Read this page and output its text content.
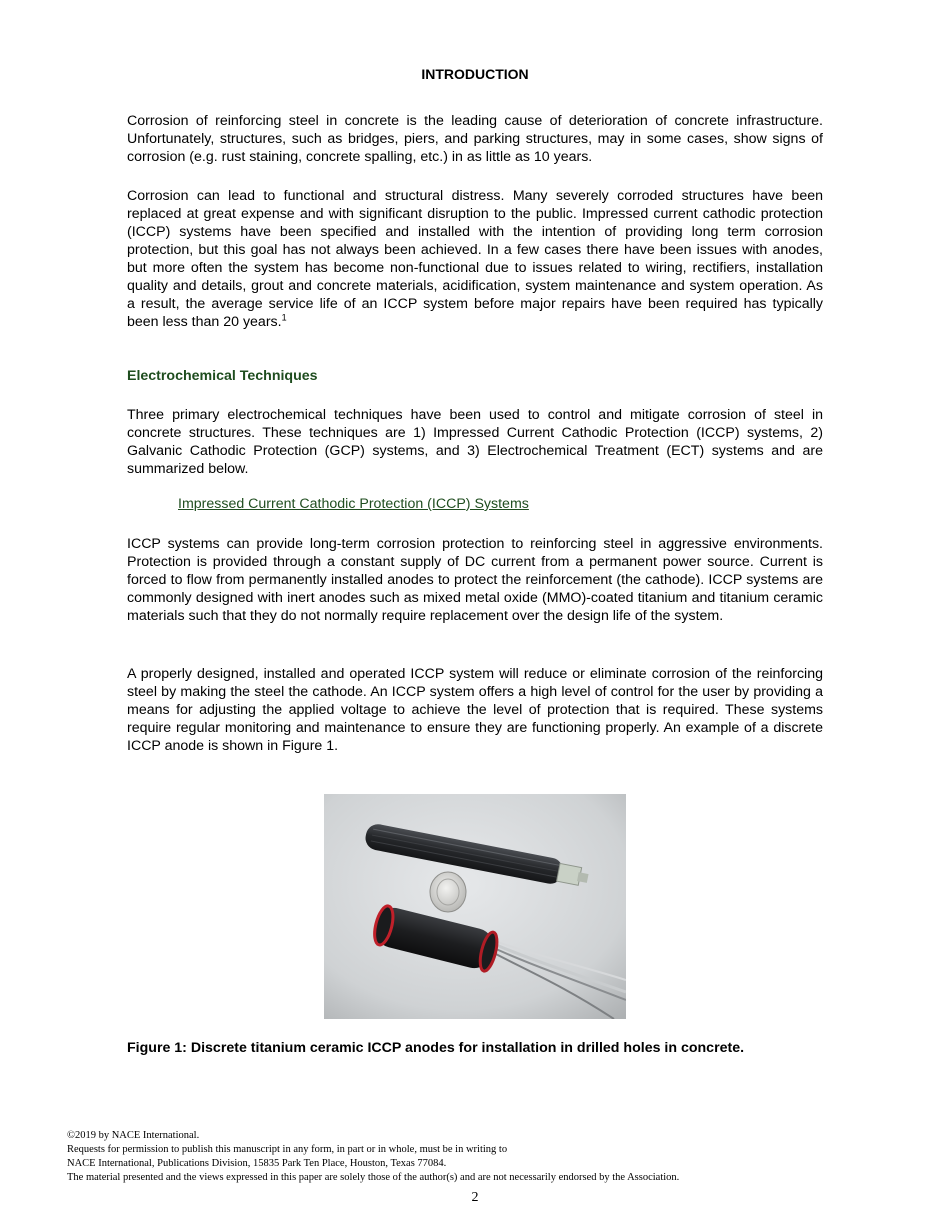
INTRODUCTION

Corrosion of reinforcing steel in concrete is the leading cause of deterioration of concrete infrastructure. Unfortunately, structures, such as bridges, piers, and parking structures, may in some cases, show signs of corrosion (e.g. rust staining, concrete spalling, etc.) in as little as 10 years.

Corrosion can lead to functional and structural distress. Many severely corroded structures have been replaced at great expense and with significant disruption to the public. Impressed current cathodic protection (ICCP) systems have been specified and installed with the intention of providing long term corrosion protection, but this goal has not always been achieved. In a few cases there have been issues with anodes, but more often the system has become non-functional due to issues related to wiring, rectifiers, installation quality and details, grout and concrete materials, acidification, system maintenance and system operation. As a result, the average service life of an ICCP system before major repairs have been required has typically been less than 20 years.$^1$

Electrochemical Techniques

Three primary electrochemical techniques have been used to control and mitigate corrosion of steel in concrete structures. These techniques are 1) Impressed Current Cathodic Protection (ICCP) systems, 2) Galvanic Cathodic Protection (GCP) systems, and 3) Electrochemical Treatment (ECT) systems and are summarized below.

Impressed Current Cathodic Protection (ICCP) Systems

ICCP systems can provide long-term corrosion protection to reinforcing steel in aggressive environments. Protection is provided through a constant supply of DC current from a permanent power source. Current is forced to flow from permanently installed anodes to protect the reinforcement (the cathode). ICCP systems are commonly designed with inert anodes such as mixed metal oxide (MMO)-coated titanium and titanium ceramic materials such that they do not normally require replacement over the design life of the system.

A properly designed, installed and operated ICCP system will reduce or eliminate corrosion of the reinforcing steel by making the steel the cathode. An ICCP system offers a high level of control for the user by providing a means for adjusting the applied voltage to achieve the level of protection that is required. These systems require regular monitoring and maintenance to ensure they are functioning properly. An example of a discrete ICCP anode is shown in Figure 1.

Figure 1: Discrete titanium ceramic ICCP anodes for installation in drilled holes in concrete.
©2019 by NACE International.
Requests for permission to publish this manuscript in any form, in part or in whole, must be in writing to
NACE International, Publications Division, 15835 Park Ten Place, Houston, Texas 77084.
The material presented and the views expressed in this paper are solely those of the author(s) and are not necessarily endorsed by the Association.
2
